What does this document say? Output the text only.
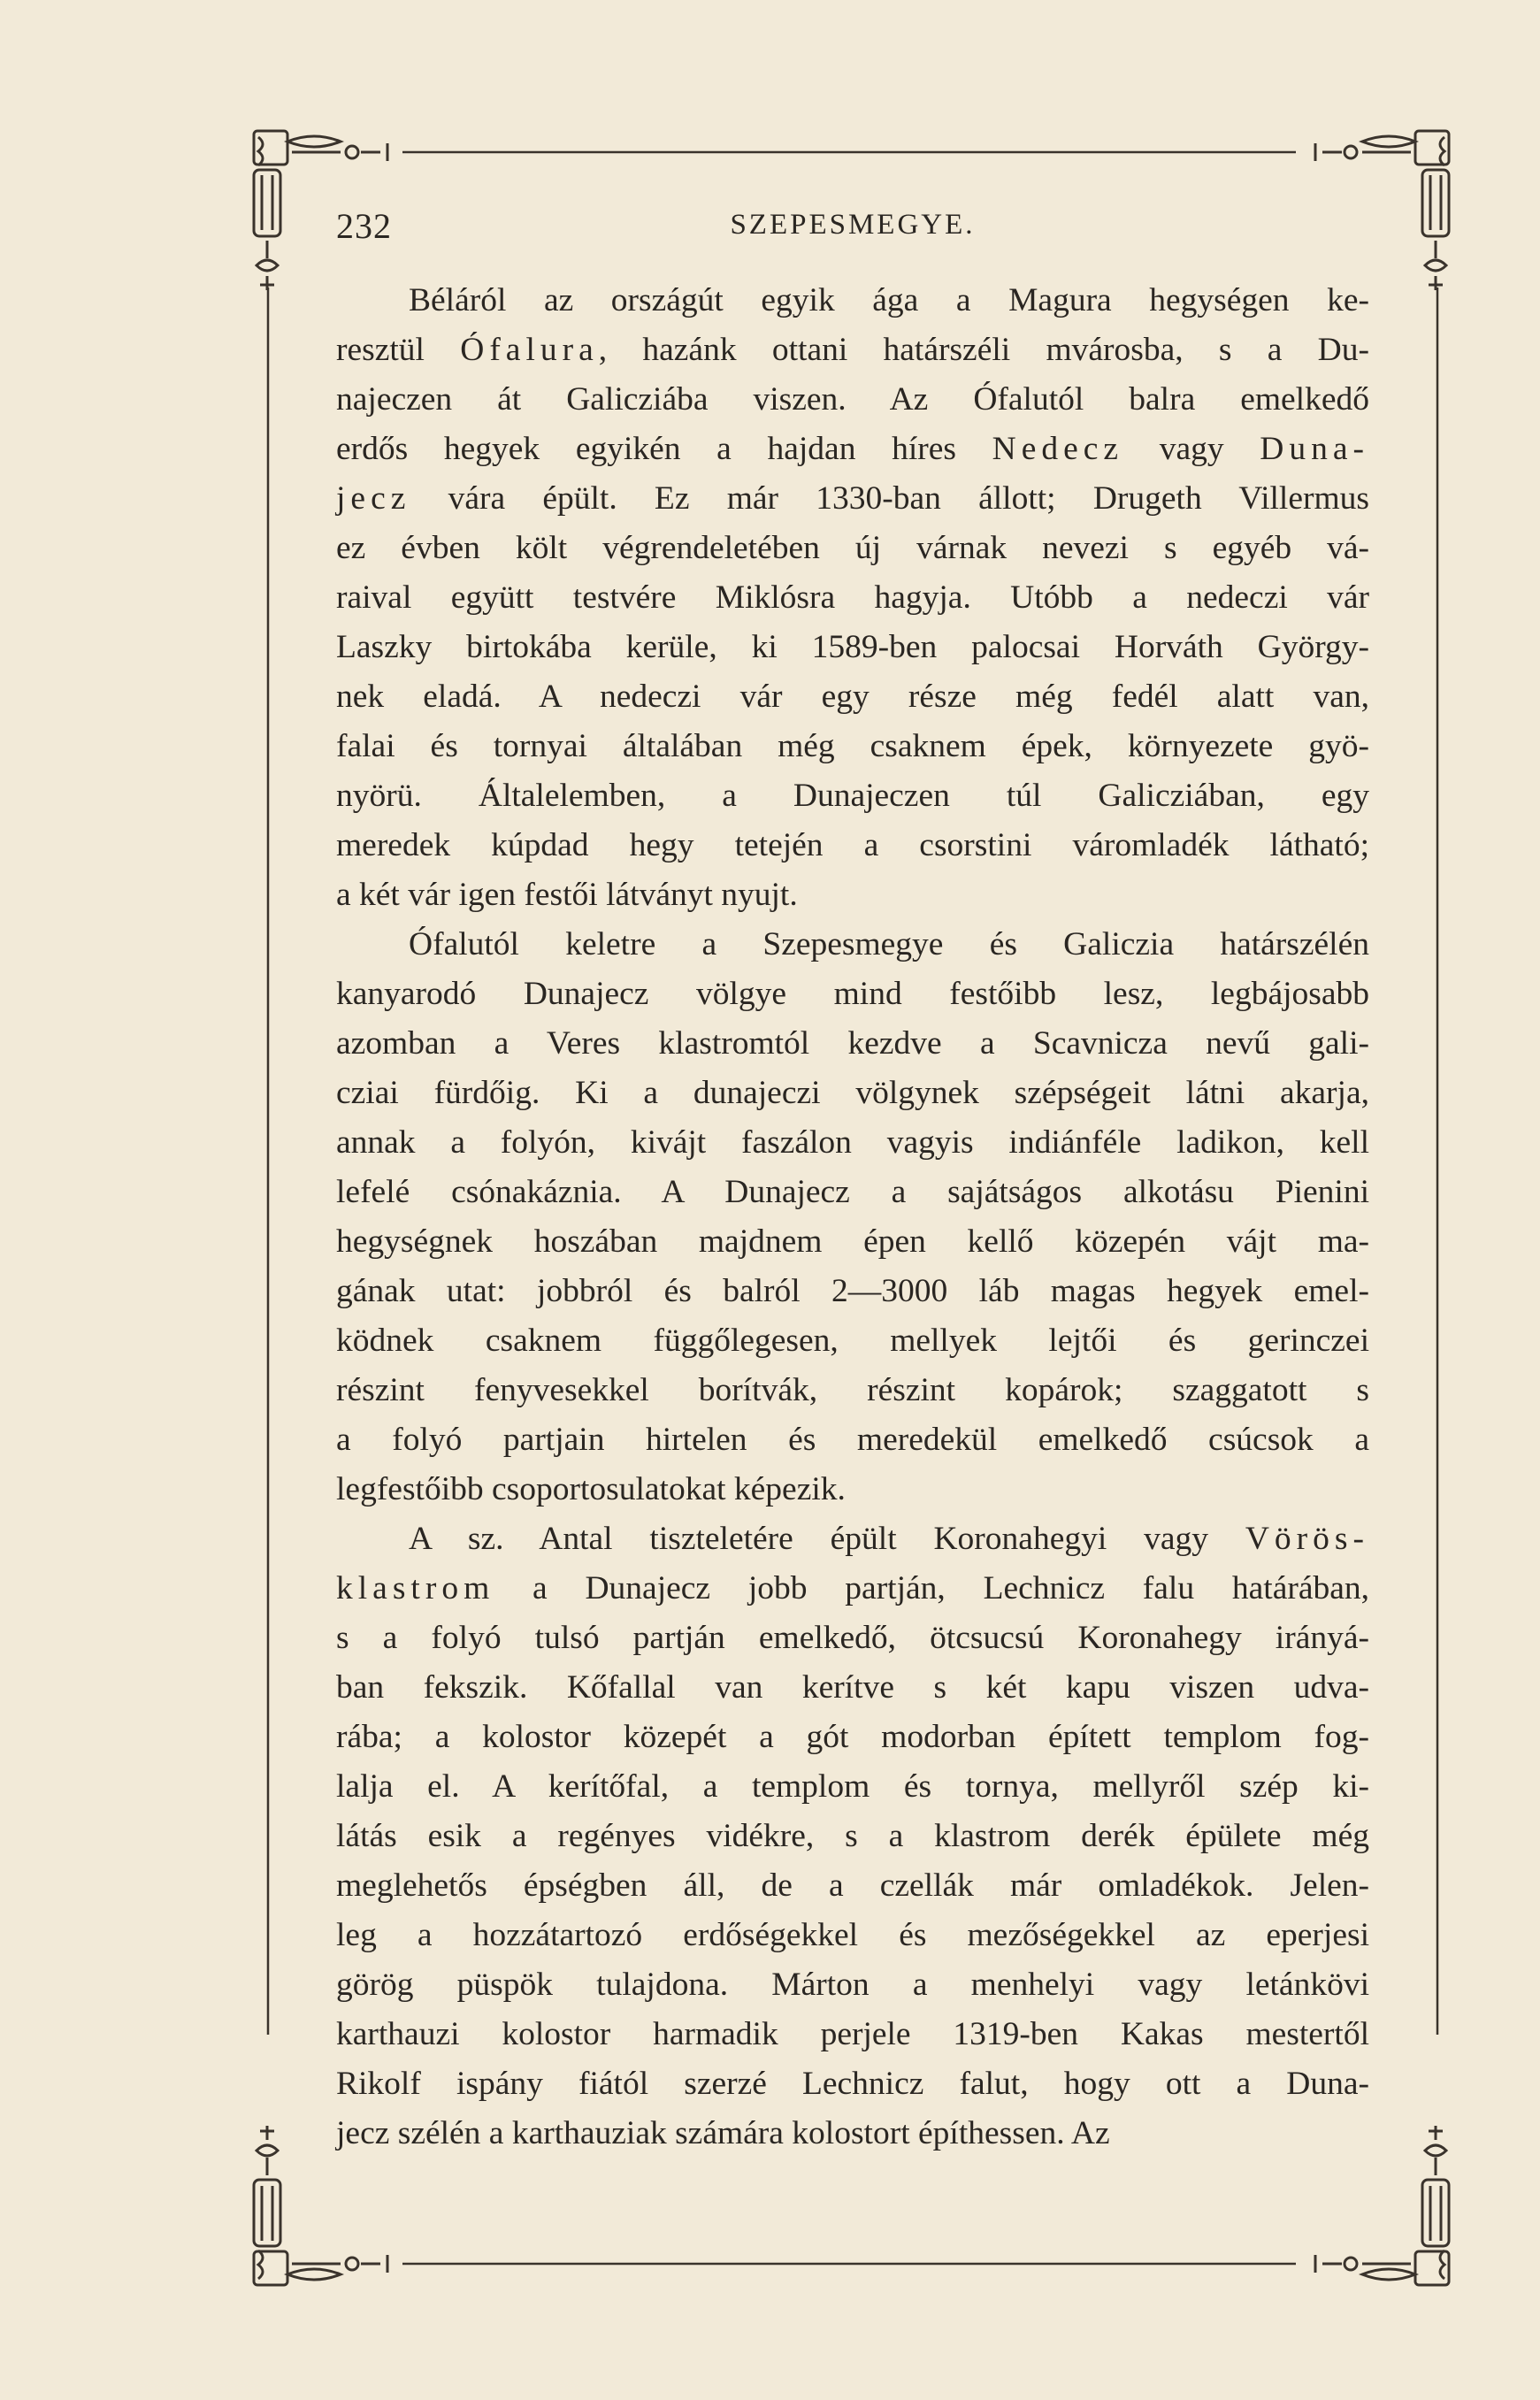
232	SZEPESMEGYE.
Béláról az országút egyik ága a Magura hegységen ke-
resztül Ófalura, hazánk ottani határszéli mvárosba, s a Du-
najeczen át Galicziába viszen. Az Ófalutól balra emelkedő
erdős hegyek egyikén a hajdan híres Nedecz vagy Duna-
jecz vára épült. Ez már 1330-ban állott; Drugeth Villermus
ez évben költ végrendeletében új várnak nevezi s egyéb vá-
raival együtt testvére Miklósra hagyja. Utóbb a nedeczi vár
Laszky birtokába kerüle, ki 1589-ben palocsai Horváth György-
nek eladá. A nedeczi vár egy része még fedél alatt van,
falai és tornyai általában még csaknem épek, környezete gyö-
nyörü. Általelemben, a Dunajeczen túl Galicziában, egy
meredek kúpdad hegy tetején a csorstini váromladék látható;
a két vár igen festői látványt nyujt.
Ófalutól keletre a Szepesmegye és Galiczia határszélén
kanyarodó Dunajecz völgye mind festőibb lesz, legbájosabb
azomban a Veres klastromtól kezdve a Scavnicza nevű gali-
cziai fürdőig. Ki a dunajeczi völgynek szépségeit látni akarja,
annak a folyón, kivájt faszálon vagyis indiánféle ladikon, kell
lefelé csónakáznia. A Dunajecz a sajátságos alkotásu Pienini
hegységnek hoszában majdnem épen kellő közepén vájt ma-
gának utat: jobbról és balról 2—3000 láb magas hegyek emel-
ködnek csaknem függőlegesen, mellyek lejtői és gerinczei
részint fenyvesekkel borítvák, részint kopárok; szaggatott s
a folyó partjain hirtelen és meredekül emelkedő csúcsok a
legfestőibb csoportosulatokat képezik.
A sz. Antal tiszteletére épült Koronahegyi vagy Vörös-
klastrom a Dunajecz jobb partján, Lechnicz falu határában,
s a folyó tulsó partján emelkedő, ötcsucsú Koronahegy irányá-
ban fekszik. Kőfallal van kerítve s két kapu viszen udva-
rába; a kolostor közepét a gót modorban épített templom fog-
lalja el. A kerítőfal, a templom és tornya, mellyről szép ki-
látás esik a regényes vidékre, s a klastrom derék épülete még
meglehetős épségben áll, de a czellák már omladékok. Jelen-
leg a hozzátartozó erdőségekkel és mezőségekkel az eperjesi
görög püspök tulajdona. Márton a menhelyi vagy letánkövi
karthauzi kolostor harmadik perjele 1319-ben Kakas mestertől
Rikolf ispány fiától szerzé Lechnicz falut, hogy ott a Duna-
jecz szélén a karthauziak számára kolostort építhessen. Az
